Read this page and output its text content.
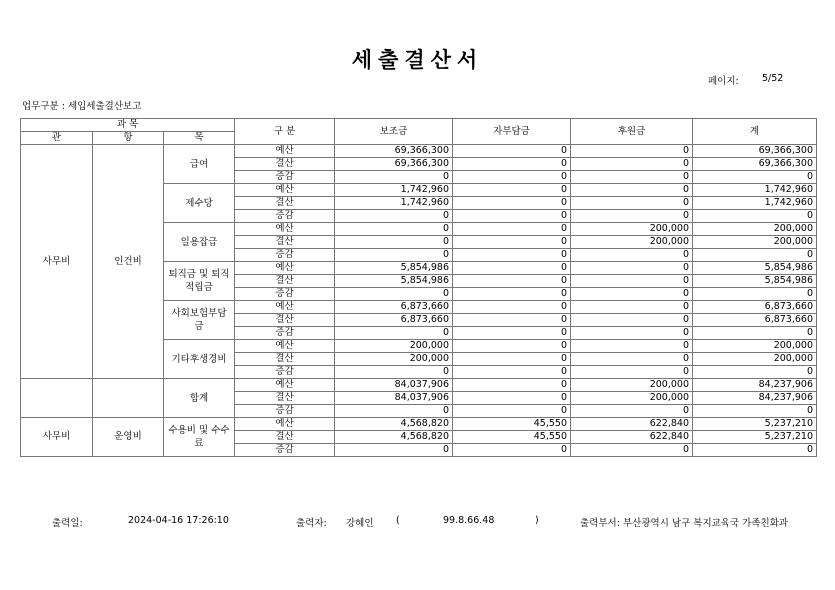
세출결산서
페이지: 5/52
업무구분 : 세입세출결산보고
과 목			구 분	보조금	자부담금	후원금	계
관	항	목					
사무비	인건비	급여	예산	69,366,300	0	0	69,366,300
			결산	69,366,300	0	0	69,366,300
			증감	0	0	0	0
		제수당	예산	1,742,960	0	0	1,742,960
			결산	1,742,960	0	0	1,742,960
			증감	0	0	0	0
		일용잡급	예산	0	0	200,000	200,000
			결산	0	0	200,000	200,000
			증감	0	0	0	0
		퇴직금 및 퇴직적립금	예산	5,854,986	0	0	5,854,986
			결산	5,854,986	0	0	5,854,986
			증감	0	0	0	0
		사회보험부담금	예산	6,873,660	0	0	6,873,660
			결산	6,873,660	0	0	6,873,660
			증감	0	0	0	0
		기타후생경비	예산	200,000	0	0	200,000
			결산	200,000	0	0	200,000
			증감	0	0	0	0
		합계	예산	84,037,906	0	200,000	84,237,906
			결산	84,037,906	0	200,000	84,237,906
			증감	0	0	0	0
사무비	운영비	수용비 및 수수료	예산	4,568,820	45,550	622,840	5,237,210
			결산	4,568,820	45,550	622,840	5,237,210
			증감	0	0	0	0
출력일:	2024-04-16 17:26:10	출력자: 강혜인 (	99.8.66.48	)	출력부서: 부산광역시 남구 복지교육국 가족친화과
